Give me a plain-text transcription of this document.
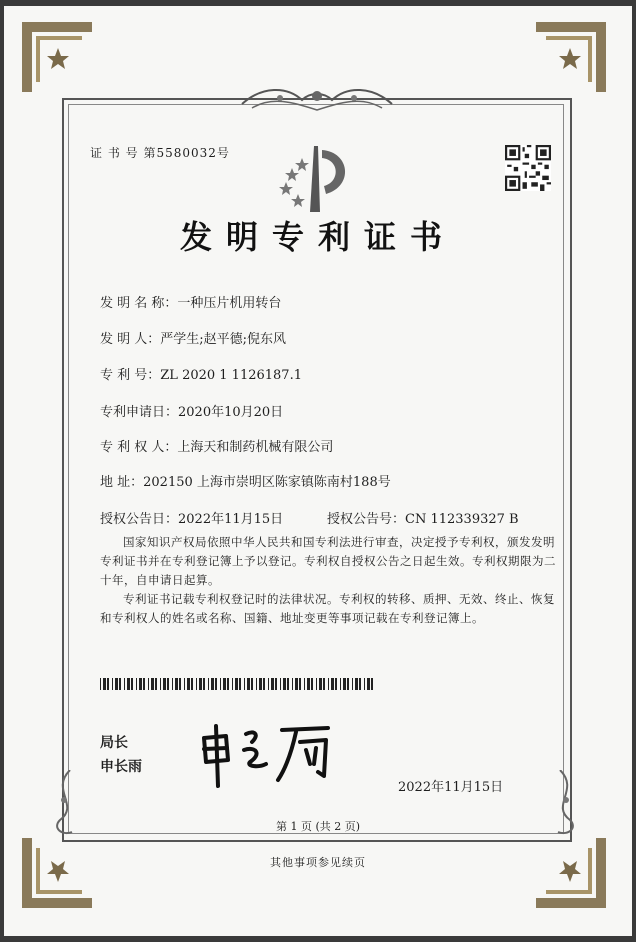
证 书 号 第5580032号
发明专利证书
发 明 名 称：一种压片机用转台
发 明 人：严学生;赵平德;倪东风
专 利 号：ZL 2020 1 1126187.1
专利申请日：2020年10月20日
专 利 权 人：上海天和制药机械有限公司
地 址：202150 上海市崇明区陈家镇陈南村188号
授权公告日：2022年11月15日	授权公告号：CN 112339327 B
国家知识产权局依照中华人民共和国专利法进行审查，决定授予专利权，颁发发明专利证书并在专利登记簿上予以登记。专利权自授权公告之日起生效。专利权期限为二十年，自申请日起算。
专利证书记载专利权登记时的法律状况。专利权的转移、质押、无效、终止、恢复和专利权人的姓名或名称、国籍、地址变更等事项记载在专利登记簿上。
局长
申长雨
2022年11月15日
第 1 页 (共 2 页)
其他事项参见续页
